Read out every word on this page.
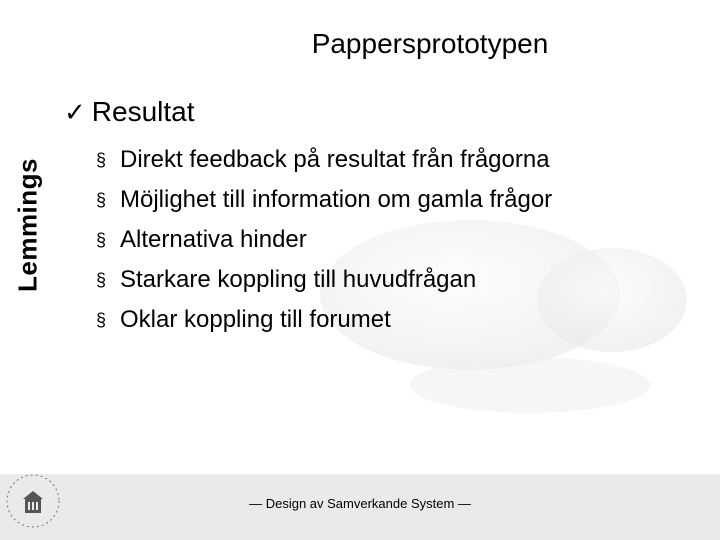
Pappersprototypen
Lemmings
✓ Resultat
§ Direkt feedback på resultat från frågorna
§ Möjlighet till information om gamla frågor
§ Alternativa hinder
§ Starkare koppling till huvudfrågan
§ Oklar koppling till forumet
— Design av Samverkande System —
